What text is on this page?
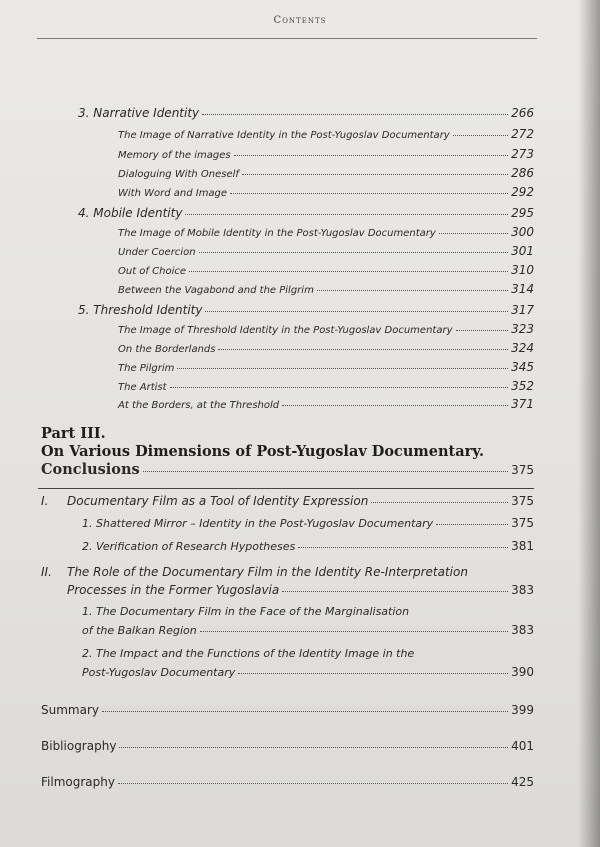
Contents
3. Narrative Identity	266
The Image of Narrative Identity in the Post-Yugoslav Documentary	272
Memory of the images	273
Dialoguing With Oneself	286
With Word and Image	292
4. Mobile Identity	295
The Image of Mobile Identity in the Post-Yugoslav Documentary	300
Under Coercion	301
Out of Choice	310
Between the Vagabond and the Pilgrim	314
5. Threshold Identity	317
The Image of Threshold Identity in the Post-Yugoslav Documentary	323
On the Borderlands	324
The Pilgrim	345
The Artist	352
At the Borders, at the Threshold	371
Part III.
On Various Dimensions of Post-Yugoslav Documentary.
Conclusions	375
I.	Documentary Film as a Tool of Identity Expression	375
1. Shattered Mirror – Identity in the Post-Yugoslav Documentary	375
2. Verification of Research Hypotheses	381
II. The Role of the Documentary Film in the Identity Re-Interpretation
Processes in the Former Yugoslavia	383
1. The Documentary Film in the Face of the Marginalisation
of the Balkan Region	383
2. The Impact and the Functions of the Identity Image in the
Post-Yugoslav Documentary	390
Summary	399
Bibliography	401
Filmography	425
